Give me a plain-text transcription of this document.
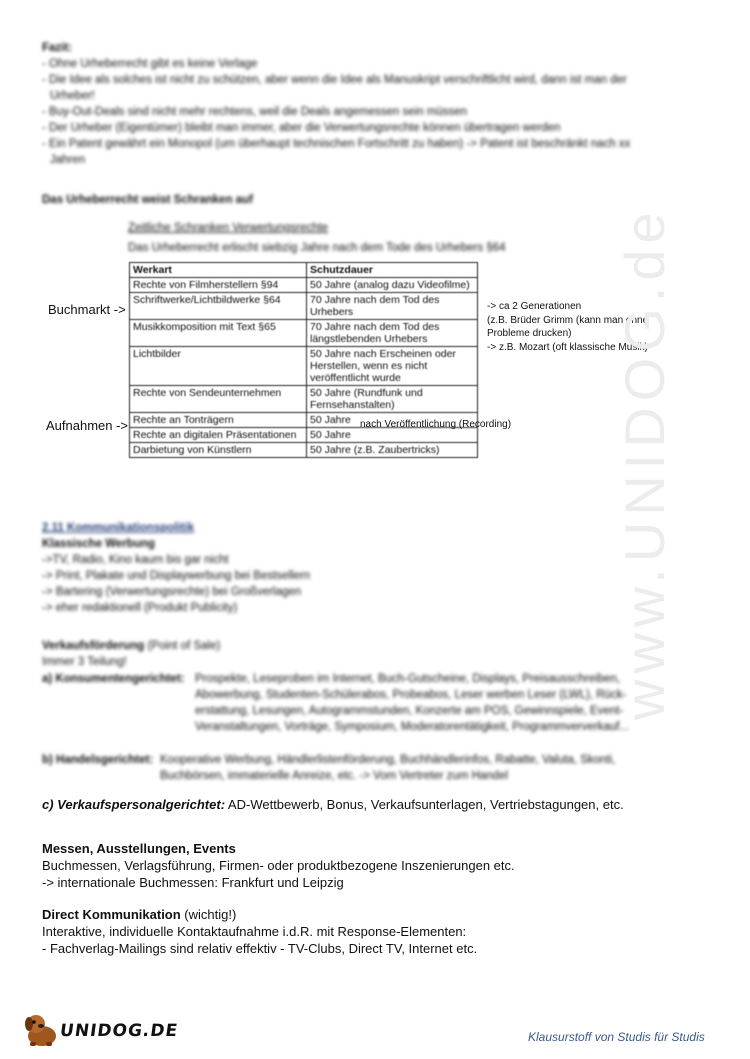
Fazit:
- Ohne Urheberrecht gibt es keine Verlage
- Die Idee als solches ist nicht zu schützen, aber wenn die Idee als Manuskript verschriftlicht wird, dann ist man der
Urheber!
- Buy-Out-Deals sind nicht mehr rechtens, weil die Deals angemessen sein müssen
- Der Urheber (Eigentümer) bleibt man immer, aber die Verwertungsrechte können übertragen werden
- Ein Patent gewährt ein Monopol (um überhaupt technischen Fortschritt zu haben) -> Patent ist beschränkt nach xx
Jahren
Das Urheberrecht weist Schranken auf
Zeitliche Schranken Verwertungsrechte
Das Urheberrecht erlischt siebzig Jahre nach dem Tode des Urhebers §64
Werkart	Schutzdauer
Rechte von Filmherstellern §94	50 Jahre (analog dazu Videofilme)
Schriftwerke/Lichtbildwerke §64	70 Jahre nach dem Tod des Urhebers
Musikkomposition mit Text §65	70 Jahre nach dem Tod des längstlebenden Urhebers
Lichtbilder	50 Jahre nach Erscheinen oder Herstellen, wenn es nicht veröffentlicht wurde
Rechte von Sendeunternehmen	50 Jahre (Rundfunk und Fernsehanstalten)
Rechte an Tonträgern	50 Jahre
Rechte an digitalen Präsentationen	50 Jahre
Darbietung von Künstlern	50 Jahre (z.B. Zaubertricks)
Buchmarkt ->
Aufnahmen ->
-> ca 2 Generationen
(z.B. Brüder Grimm (kann man ohne
Probleme drucken)
-> z.B. Mozart (oft klassische Musik)
nach Veröffentlichung (Recording) www.UNIDOG.de
2.11 Kommunikationspolitik
Klassische Werbung
->TV, Radio, Kino kaum bis gar nicht
-> Print, Plakate und Displaywerbung bei Bestsellern
-> Bartering (Verwertungsrechte) bei Großverlagen
-> eher redaktionell (Produkt Publicity)
Verkaufsförderung (Point of Sale)
Immer 3 Teilung!
a) Konsumentengerichtet: Prospekte, Leseproben im Internet, Buch-Gutscheine, Displays, Preisausschreiben,
Abowerbung, Studenten-Schülerabos, Probeabos, Leser werben Leser (LWL), Rück-
erstattung, Lesungen, Autogrammstunden, Konzerte am POS, Gewinnspiele, Event-
Veranstaltungen, Vorträge, Symposium, Moderatorentätigkeit, Programmververkauf...
b) Handelsgerichtet: Kooperative Werbung, Händlerlistenförderung, Buchhändlerinfos, Rabatte, Valuta, Skonti,
Buchbörsen, immaterielle Anreize, etc. -> Vom Vertreter zum Handel
c) Verkaufspersonalgerichtet: AD-Wettbewerb, Bonus, Verkaufsunterlagen, Vertriebstagungen, etc.
Messen, Ausstellungen, Events
Buchmessen, Verlagsführung, Firmen- oder produktbezogene Inszenierungen etc.
-> internationale Buchmessen: Frankfurt und Leipzig
Direct Kommunikation (wichtig!)
Interaktive, individuelle Kontaktaufnahme i.d.R. mit Response-Elementen:
- Fachverlag-Mailings sind relativ effektiv - TV-Clubs, Direct TV, Internet etc.
UNIDOG.DE	Klausurstoff von Studis für Studis
